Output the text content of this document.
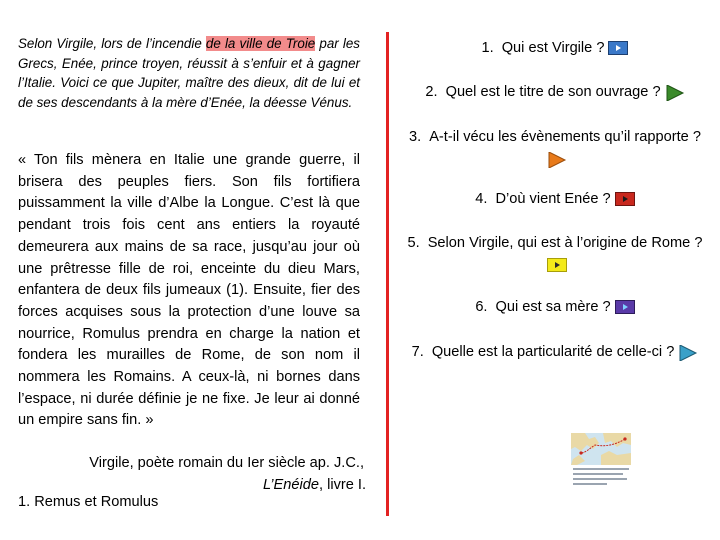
Selon Virgile, lors de l’incendie de la ville de Troie par les Grecs, Enée, prince troyen, réussit à s’enfuir et à gagner l’Italie. Voici ce que Jupiter, maître des dieux, dit de lui et de ses descendants à la mère d’Enée, la déesse Vénus.

« Ton fils mènera en Italie une grande guerre, il brisera des peuples fiers. Son fils fortifiera puissamment la ville d’Albe la Longue. C’est là que pendant trois fois cent ans entiers la royauté demeurera aux mains de sa race, jusqu’au jour où une prêtresse fille de roi, enceinte du dieu Mars, enfantera de deux fils jumeaux (1). Ensuite, fier des forces acquises sous la protection d’une louve sa nourrice, Romulus prendra en charge la nation et fondera les murailles de Rome, de son nom il nommera les Romains. A ceux-là, ni bornes dans l’espace, ni durée définie je ne fixe. Je leur ai donné un empire sans fin. »

Virgile, poète romain du Ier siècle ap. J.C.,
L’Enéide, livre I.

1. Remus et Romulus

1. Qui est Virgile ?
2. Quel est le titre de son ouvrage ?
3. A-t-il vécu les évènements qu’il rapporte ?
4. D’où vient Enée ?
5. Selon Virgile, qui est à l’origine de Rome ?
6. Qui est sa mère ?
7. Quelle est la particularité de celle-ci ?
